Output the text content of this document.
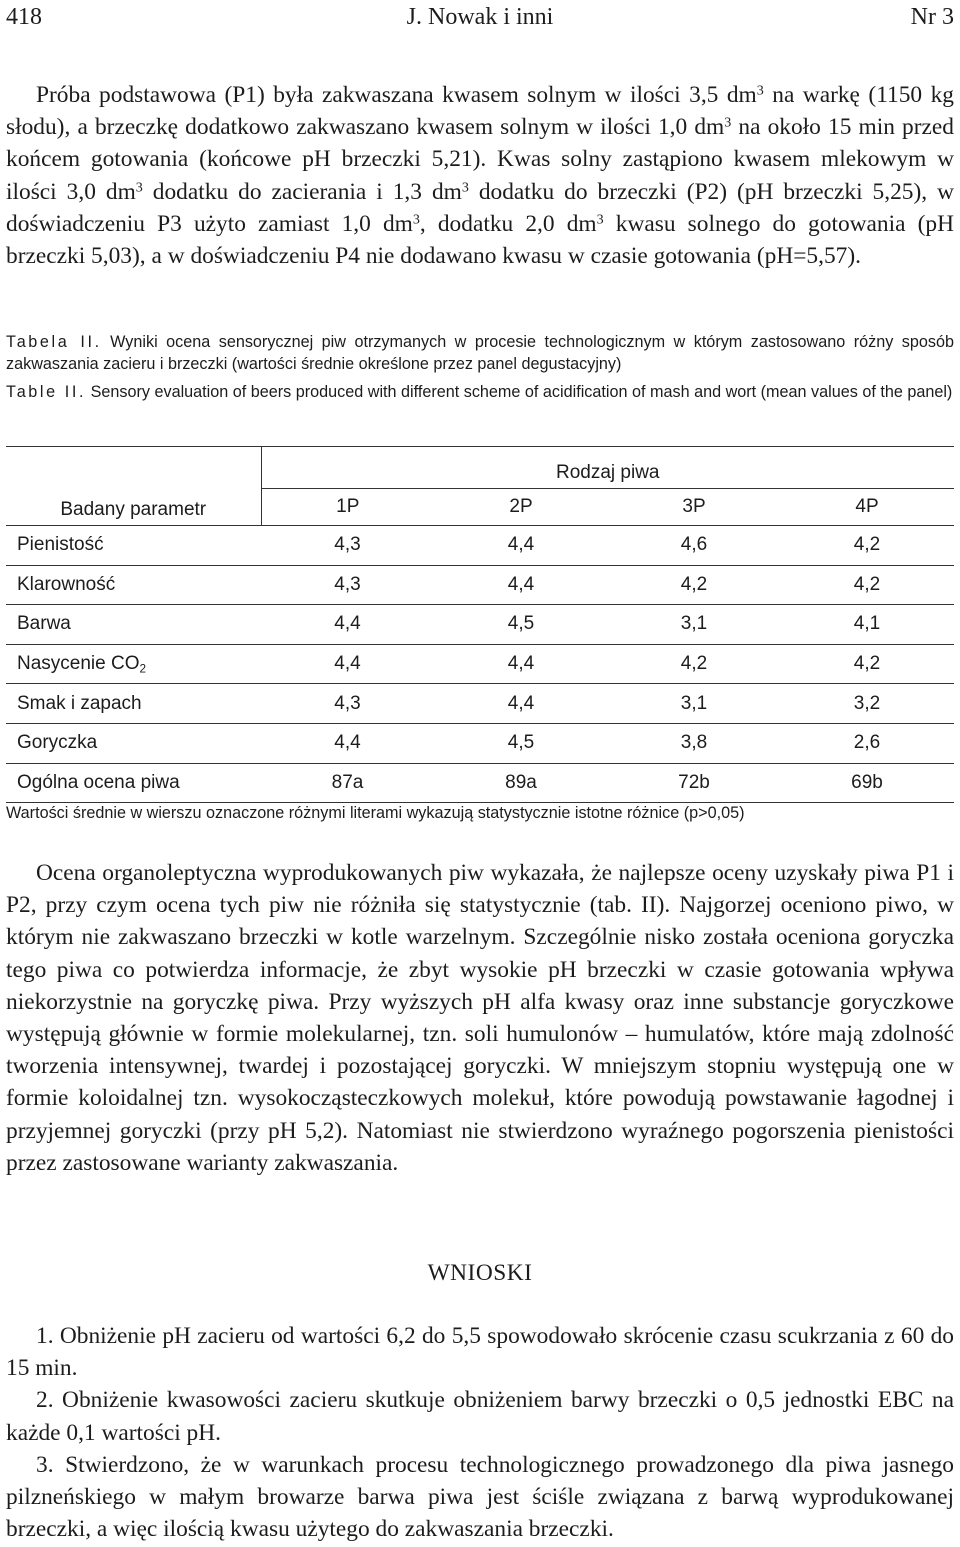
418	J. Nowak i inni	Nr 3

Próba podstawowa (P1) była zakwaszana kwasem solnym w ilości 3,5 $dm^3$ na warkę (1150 kg słodu), a brzeczkę dodatkowo zakwaszano kwasem solnym w ilości 1,0 $dm^3$ na około 15 min przed końcem gotowania (końcowe pH brzeczki 5,21). Kwas solny zastąpiono kwasem mlekowym w ilości 3,0 $dm^3$ dodatku do zacierania i 1,3 $dm^3$ dodatku do brzeczki (P2) (pH brzeczki 5,25), w doświadczeniu P3 użyto zamiast 1,0 $dm^3$, dodatku 2,0 $dm^3$ kwasu solnego do gotowania (pH brzeczki 5,03), a w doświadczeniu P4 nie dodawano kwasu w czasie gotowania (pH=5,57).

Tabela II. Wyniki ocena sensorycznej piw otrzymanych w procesie technologicznym w którym zastosowano różny sposób zakwaszania zacieru i brzeczki (wartości średnie określone przez panel degustacyjny)

Table II. Sensory evaluation of beers produced with different scheme of acidification of mash and wort (mean values of the panel)

Badany parametr	Rodzaj piwa			
	1P	2P	3P	4P
Pienistość	4,3	4,4	4,6	4,2
Klarowność	4,3	4,4	4,2	4,2
Barwa	4,4	4,5	3,1	4,1
Nasycenie $CO_2$	4,4	4,4	4,2	4,2
Smak i zapach	4,3	4,4	3,1	3,2
Goryczka	4,4	4,5	3,8	2,6
Ogólna ocena piwa	87a	89a	72b	69b
Wartości średnie w wierszu oznaczone różnymi literami wykazują statystycznie istotne różnice (p>0,05)

Ocena organoleptyczna wyprodukowanych piw wykazała, że najlepsze oceny uzyskały piwa P1 i P2, przy czym ocena tych piw nie różniła się statystycznie (tab. II). Najgorzej oceniono piwo, w którym nie zakwaszano brzeczki w kotle warzelnym. Szczególnie nisko została oceniona goryczka tego piwa co potwierdza informacje, że zbyt wysokie pH brzeczki w czasie gotowania wpływa niekorzystnie na goryczkę piwa. Przy wyższych pH alfa kwasy oraz inne substancje goryczkowe występują głównie w formie molekularnej, tzn. soli humulonów – humulatów, które mają zdolność tworzenia intensywnej, twardej i pozostającej goryczki. W mniejszym stopniu występują one w formie koloidalnej tzn. wysokocząsteczkowych molekuł, które powodują powstawanie łagodnej i przyjemnej goryczki (przy pH 5,2). Natomiast nie stwierdzono wyraźnego pogorszenia pienistości przez zastosowane warianty zakwaszania.

WNIOSKI

1. Obniżenie pH zacieru od wartości 6,2 do 5,5 spowodowało skrócenie czasu scukrzania z 60 do 15 min.

2. Obniżenie kwasowości zacieru skutkuje obniżeniem barwy brzeczki o 0,5 jednostki EBC na każde 0,1 wartości pH.

3. Stwierdzono, że w warunkach procesu technologicznego prowadzonego dla piwa jasnego pilzneńskiego w małym browarze barwa piwa jest ściśle związana z barwą wyprodukowanej brzeczki, a więc ilością kwasu użytego do zakwaszania brzeczki.
